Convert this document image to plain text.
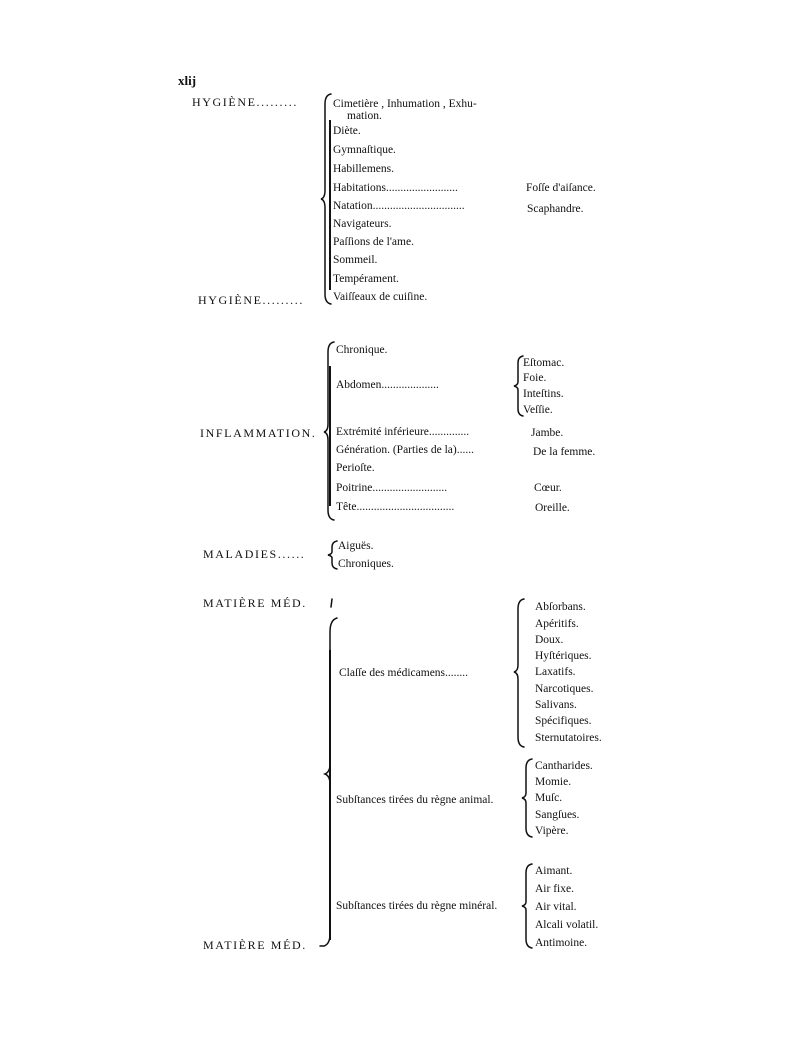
xlij
HYGIÈNE.........	Cimetière , Inhumation , Exhu-
mation.
Diète.
Gymnaſtique.
Habillemens.
Habitations.........................	Foſſe d'aiſance.
Natation................................	Scaphandre.
Navigateurs.
Paſſions de l'ame.
Sommeil.
Tempérament.
Vaiſſeaux de cuiſine.
HYGIÈNE.........
Chronique.
Abdomen....................
Eſtomac.
Foie.
Inteſtins.
Veſſie.
INFLAMMATION. Extrémité inférieure..............	Jambe.
Génération. (Parties de la)......	De la femme.
Perioſte.
Poitrine..........................	Cœur.
Tête..................................	Oreille.
MALADIES......
Aiguës.
Chroniques.
MATIÈRE MÉD.
Claſſe des médicamens........
Abſorbans.
Apéritifs.
Doux.
Hyſtériques.
Laxatifs.
Narcotiques.
Salivans.
Spécifiques.
Sternutatoires.
Subſtances tirées du règne animal.
Cantharides.
Momie.
Muſc.
Sangſues.
Vipère.
Subſtances tirées du règne minéral.
Aimant.
Air fixe.
Air vital.
Alcali volatil.
Antimoine.
MATIÈRE MÉD.
